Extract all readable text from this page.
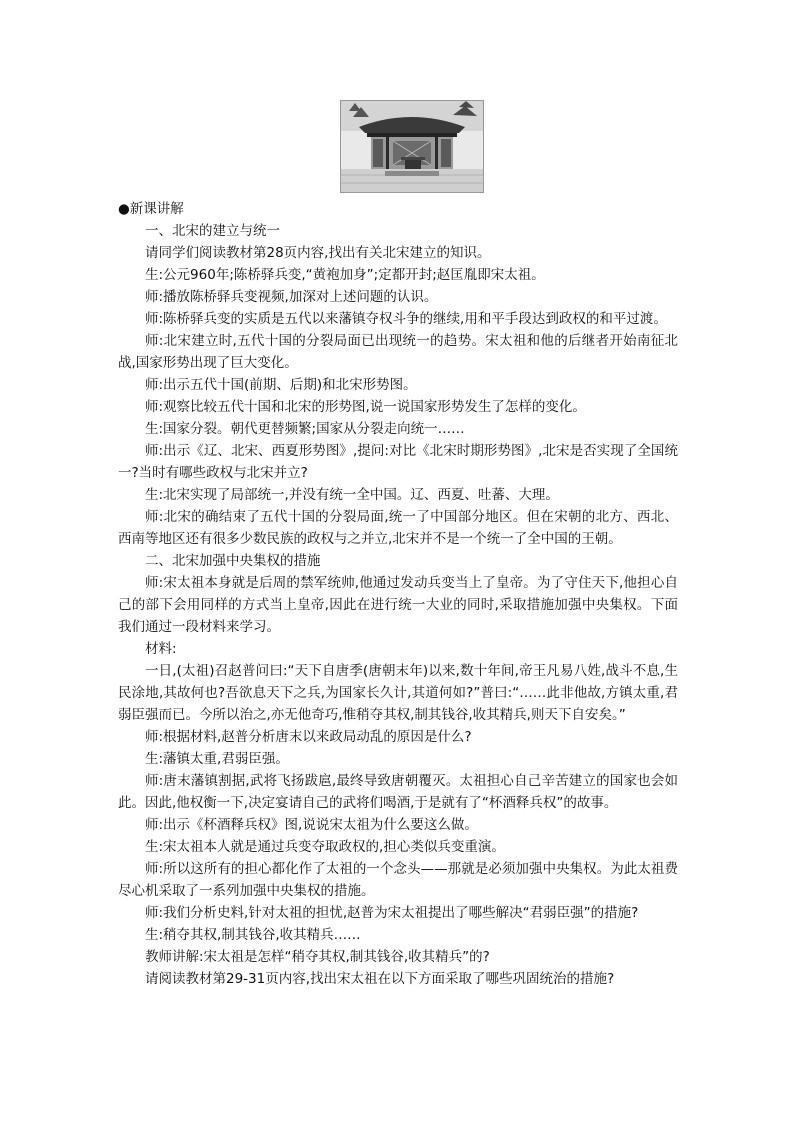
●新课讲解

一、北宋的建立与统一

请同学们阅读教材第28页内容,找出有关北宋建立的知识。

生:公元960年;陈桥驿兵变,“黄袍加身”;定都开封;赵匡胤即宋太祖。

师:播放陈桥驿兵变视频,加深对上述问题的认识。

师:陈桥驿兵变的实质是五代以来藩镇夺权斗争的继续,用和平手段达到政权的和平过渡。

师:北宋建立时,五代十国的分裂局面已出现统一的趋势。宋太祖和他的后继者开始南征北战,国家形势出现了巨大变化。

师:出示五代十国(前期、后期)和北宋形势图。

师:观察比较五代十国和北宋的形势图,说一说国家形势发生了怎样的变化。

生:国家分裂。朝代更替频繁;国家从分裂走向统一……

师:出示《辽、北宋、西夏形势图》,提问:对比《北宋时期形势图》,北宋是否实现了全国统一?当时有哪些政权与北宋并立?

生:北宋实现了局部统一,并没有统一全中国。辽、西夏、吐蕃、大理。

师:北宋的确结束了五代十国的分裂局面,统一了中国部分地区。但在宋朝的北方、西北、西南等地区还有很多少数民族的政权与之并立,北宋并不是一个统一了全中国的王朝。

二、北宋加强中央集权的措施

师:宋太祖本身就是后周的禁军统帅,他通过发动兵变当上了皇帝。为了守住天下,他担心自己的部下会用同样的方式当上皇帝,因此在进行统一大业的同时,采取措施加强中央集权。下面我们通过一段材料来学习。

材料:

一日,(太祖)召赵普问曰:“天下自唐季(唐朝末年)以来,数十年间,帝王凡易八姓,战斗不息,生民涂地,其故何也?吾欲息天下之兵,为国家长久计,其道何如?”普曰:“……此非他故,方镇太重,君弱臣强而已。今所以治之,亦无他奇巧,惟稍夺其权,制其钱谷,收其精兵,则天下自安矣。”

师:根据材料,赵普分析唐末以来政局动乱的原因是什么?

生:藩镇太重,君弱臣强。

师:唐末藩镇割据,武将飞扬跋扈,最终导致唐朝覆灭。太祖担心自己辛苦建立的国家也会如此。因此,他权衡一下,决定宴请自己的武将们喝酒,于是就有了“杯酒释兵权”的故事。

师:出示《杯酒释兵权》图,说说宋太祖为什么要这么做。

生:宋太祖本人就是通过兵变夺取政权的,担心类似兵变重演。

师:所以这所有的担心都化作了太祖的一个念头——那就是必须加强中央集权。为此太祖费尽心机采取了一系列加强中央集权的措施。

师:我们分析史料,针对太祖的担忧,赵普为宋太祖提出了哪些解决“君弱臣强”的措施?

生:稍夺其权,制其钱谷,收其精兵……

教师讲解:宋太祖是怎样“稍夺其权,制其钱谷,收其精兵”的?

请阅读教材第29-31页内容,找出宋太祖在以下方面采取了哪些巩固统治的措施?
